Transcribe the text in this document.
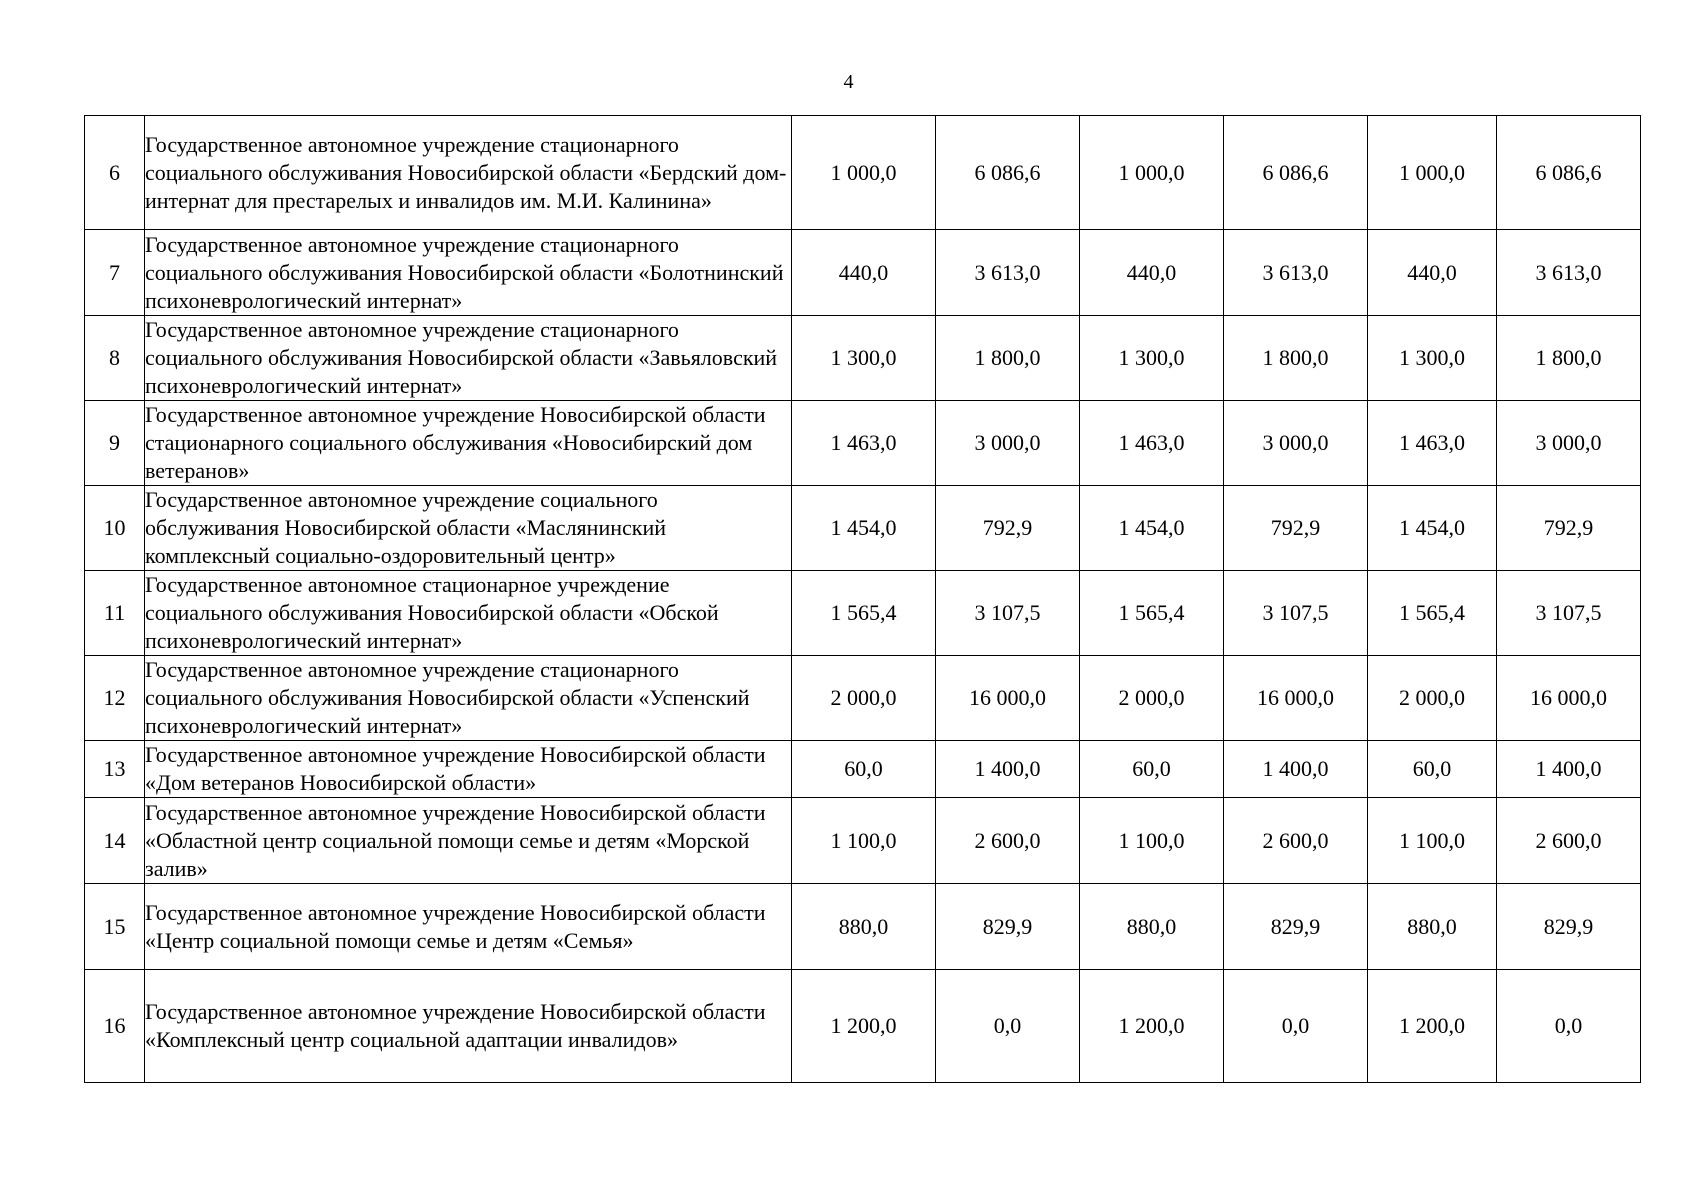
4
6	Государственное автономное учреждение стационарного социального обслуживания Новосибирской области «Бердский дом-интернат для престарелых и инвалидов им. М.И. Калинина»	1 000,0	6 086,6	1 000,0	6 086,6	1 000,0	6 086,6
7	Государственное автономное учреждение стационарного социального обслуживания Новосибирской области «Болотнинский психоневрологический интернат»	440,0	3 613,0	440,0	3 613,0	440,0	3 613,0
8	Государственное автономное учреждение стационарного социального обслуживания Новосибирской области «Завьяловский психоневрологический интернат»	1 300,0	1 800,0	1 300,0	1 800,0	1 300,0	1 800,0
9	Государственное автономное учреждение Новосибирской области стационарного социального обслуживания «Новосибирский дом ветеранов»	1 463,0	3 000,0	1 463,0	3 000,0	1 463,0	3 000,0
10	Государственное автономное учреждение социального обслуживания Новосибирской области «Маслянинский комплексный социально-оздоровительный центр»	1 454,0	792,9	1 454,0	792,9	1 454,0	792,9
11	Государственное автономное стационарное учреждение социального обслуживания Новосибирской области «Обской психоневрологический интернат»	1 565,4	3 107,5	1 565,4	3 107,5	1 565,4	3 107,5
12	Государственное автономное учреждение стационарного социального обслуживания Новосибирской области «Успенский психоневрологический интернат»	2 000,0	16 000,0	2 000,0	16 000,0	2 000,0	16 000,0
13	Государственное автономное учреждение Новосибирской области «Дом ветеранов Новосибирской области»	60,0	1 400,0	60,0	1 400,0	60,0	1 400,0
14	Государственное автономное учреждение Новосибирской области «Областной центр социальной помощи семье и детям «Морской залив»	1 100,0	2 600,0	1 100,0	2 600,0	1 100,0	2 600,0
15	Государственное автономное учреждение Новосибирской области «Центр социальной помощи семье и детям «Семья»	880,0	829,9	880,0	829,9	880,0	829,9
16	Государственное автономное учреждение Новосибирской области «Комплексный центр социальной адаптации инвалидов»	1 200,0	0,0	1 200,0	0,0	1 200,0	0,0
